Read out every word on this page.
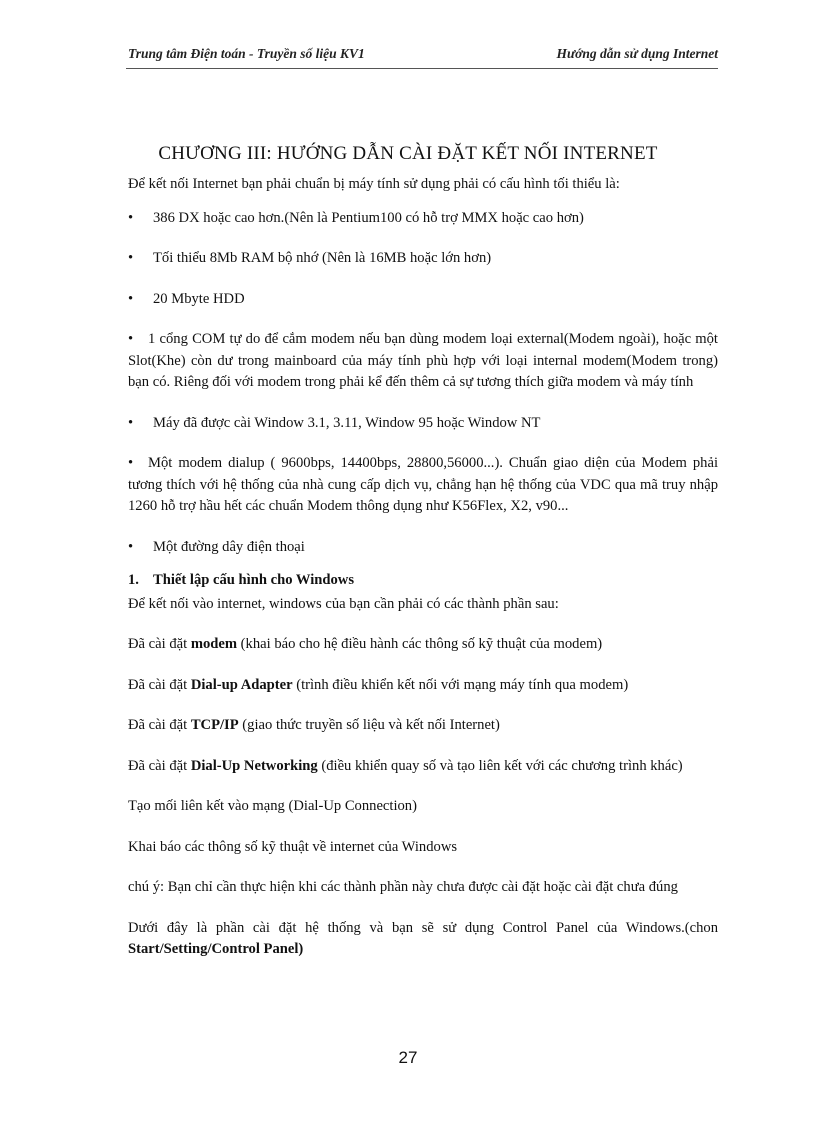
Trung tâm Điện toán - Truyền số liệu KV1	Hướng dẫn sử dụng Internet
CHƯƠNG III: HƯỚNG DẪN CÀI ĐẶT KẾT NỐI INTERNET

Để kết nối Internet bạn phải chuẩn bị máy tính sử dụng phải có cấu hình tối thiểu là:

• 386 DX hoặc cao hơn.(Nên là Pentium100 có hỗ trợ MMX hoặc cao hơn)

• Tối thiểu 8Mb RAM bộ nhớ (Nên là 16MB hoặc lớn hơn)

• 20 Mbyte HDD

• 1 cổng COM tự do để cắm modem nếu bạn dùng modem loại external(Modem ngoài), hoặc một Slot(Khe) còn dư trong mainboard của máy tính phù hợp với loại internal modem(Modem trong) bạn có. Riêng đối với modem trong phải kể đến thêm cả sự tương thích giữa modem và máy tính

• Máy đã được cài Window 3.1, 3.11, Window 95 hoặc Window NT

• Một modem dialup ( 9600bps, 14400bps, 28800,56000...). Chuẩn giao diện của Modem phải tương thích với hệ thống của nhà cung cấp dịch vụ, chẳng hạn hệ thống của VDC qua mã truy nhập 1260 hỗ trợ hầu hết các chuẩn Modem thông dụng như K56Flex, X2, v90...

• Một đường dây điện thoại

1. Thiết lập cấu hình cho Windows

Để kết nối vào internet, windows của bạn cần phải có các thành phần sau:

Đã cài đặt modem (khai báo cho hệ điều hành các thông số kỹ thuật của modem)

Đã cài đặt Dial-up Adapter (trình điều khiển kết nối với mạng máy tính qua modem)

Đã cài đặt TCP/IP (giao thức truyền số liệu và kết nối Internet)

Đã cài đặt Dial-Up Networking (điều khiển quay số và tạo liên kết với các chương trình khác)

Tạo mối liên kết vào mạng (Dial-Up Connection)

Khai báo các thông số kỹ thuật về internet của Windows

chú ý: Bạn chỉ cần thực hiện khi các thành phần này chưa được cài đặt hoặc cài đặt chưa đúng

Dưới đây là phần cài đặt hệ thống và bạn sẽ sử dụng Control Panel của Windows.(chon Start/Setting/Control Panel)

27
